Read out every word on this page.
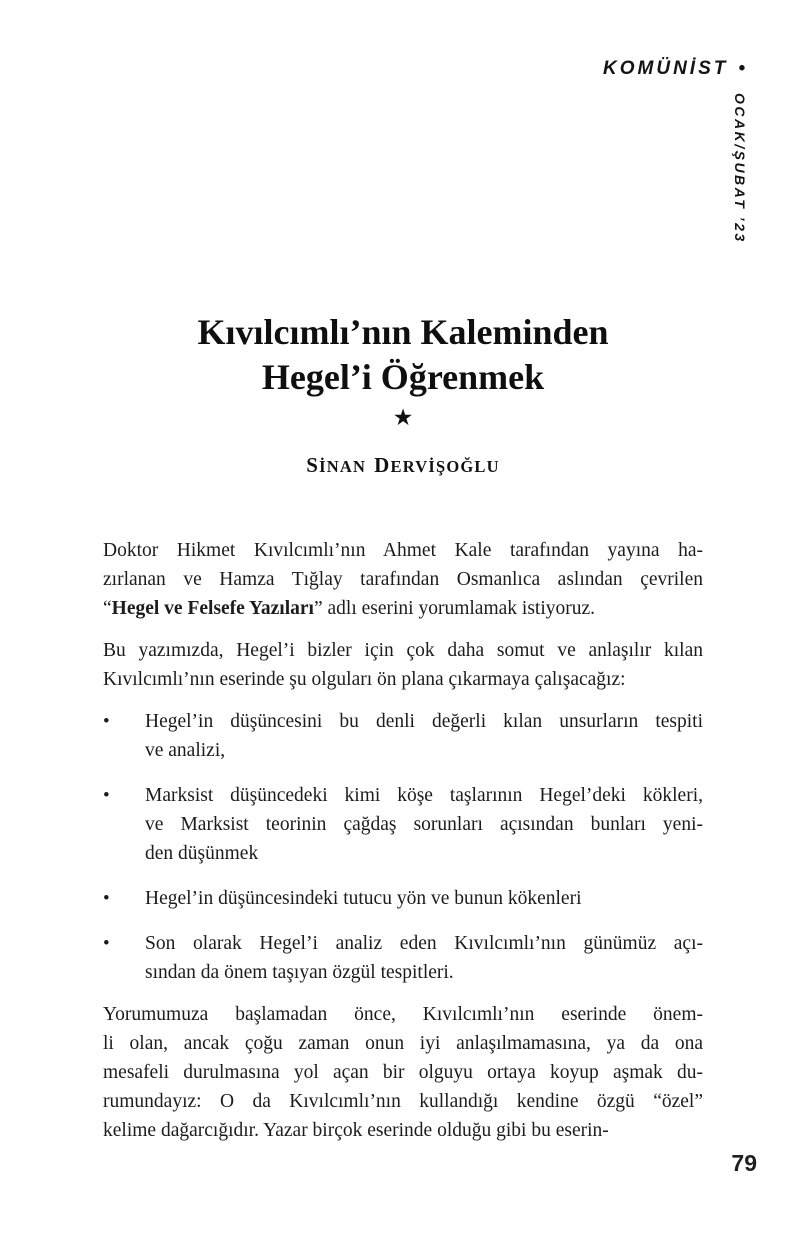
KOMÜNİST •
OCAK/ŞUBAT ’23
Kıvılcımlı’nın Kaleminden
Hegel’i Öğrenmek
★
SİNAN DERVİŞOĞLU
Doktor Hikmet Kıvılcımlı’nın Ahmet Kale tarafından yayına ha-
zırlanan ve Hamza Tığlay tarafından Osmanlıca aslından çevrilen
“Hegel ve Felsefe Yazıları” adlı eserini yorumlamak istiyoruz.
Bu yazımızda, Hegel’i bizler için çok daha somut ve anlaşılır kılan
Kıvılcımlı’nın eserinde şu olguları ön plana çıkarmaya çalışacağız:
•	Hegel’in düşüncesini bu denli değerli kılan unsurların tespiti
ve analizi,
•	Marksist düşüncedeki kimi köşe taşlarının Hegel’deki kökleri,
ve Marksist teorinin çağdaş sorunları açısından bunları yeni-
den düşünmek
•	Hegel’in düşüncesindeki tutucu yön ve bunun kökenleri
•	Son olarak Hegel’i analiz eden Kıvılcımlı’nın günümüz açı-
sından da önem taşıyan özgül tespitleri.
Yorumumuza başlamadan önce, Kıvılcımlı’nın eserinde önem-
li olan, ancak çoğu zaman onun iyi anlaşılmamasına, ya da ona
mesafeli durulmasına yol açan bir olguyu ortaya koyup aşmak du-
rumundayız: O da Kıvılcımlı’nın kullandığı kendine özgü “özel”
kelime dağarcığıdır. Yazar birçok eserinde olduğu gibi bu eserin-
79
